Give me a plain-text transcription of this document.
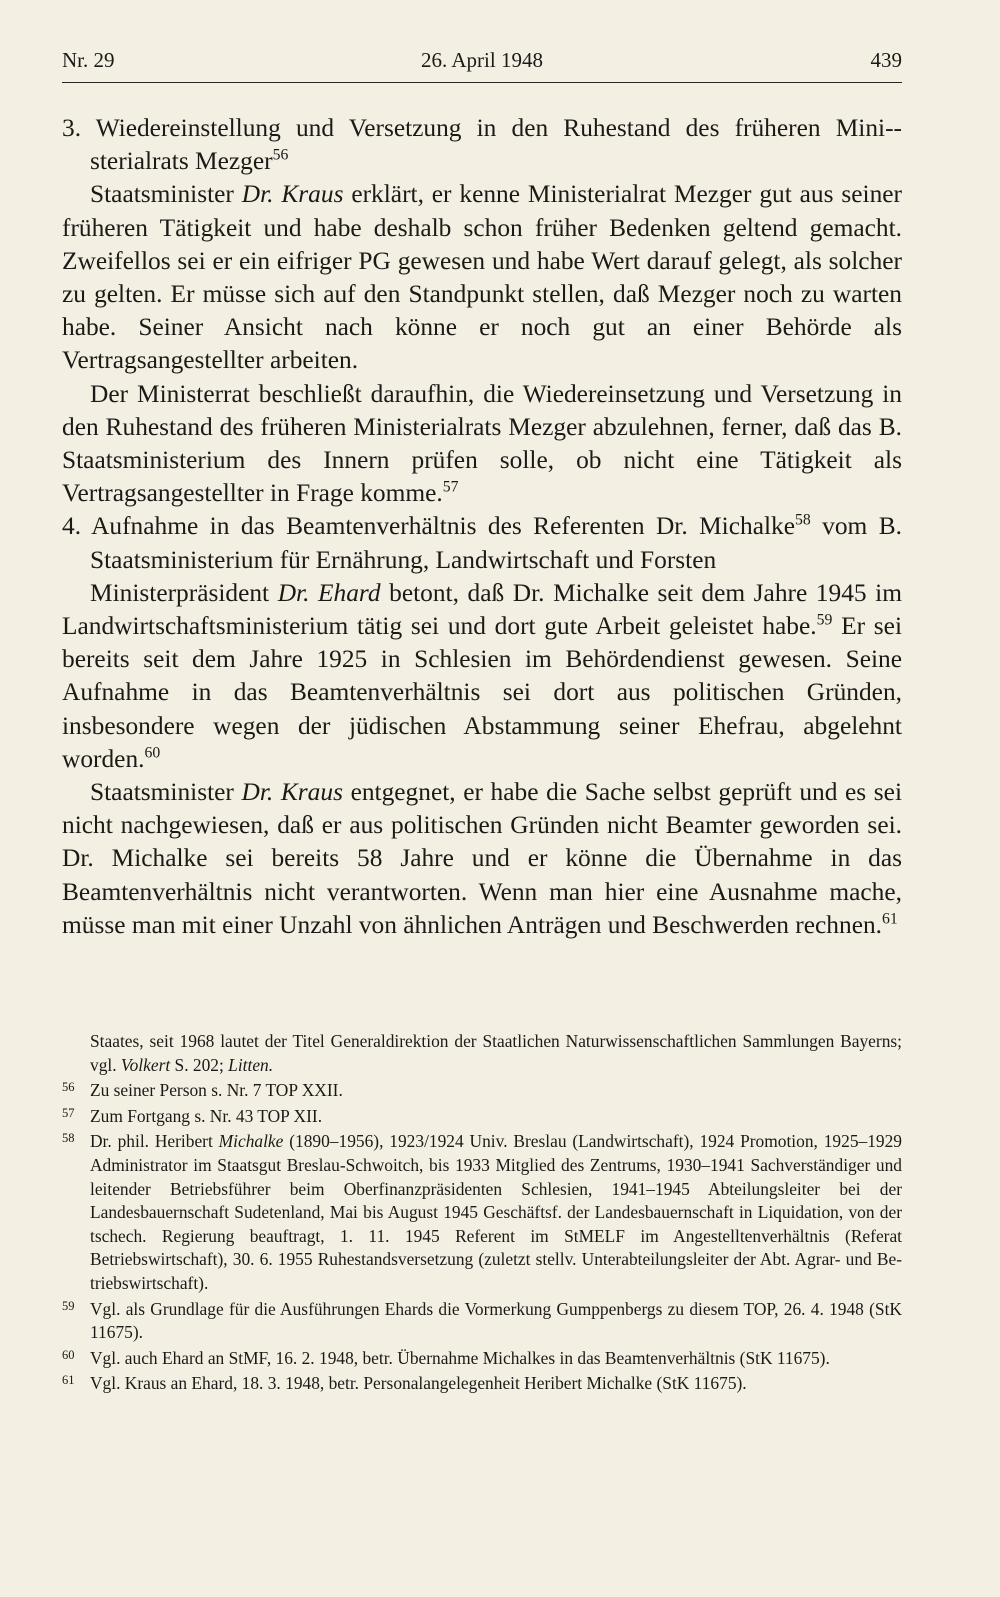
Nr. 29	26. April 1948	439

3. Wiedereinstellung und Versetzung in den Ruhestand des früheren Mini-sterialrats Mezger$^{56}$

Staatsminister Dr. Kraus erklärt, er kenne Ministerialrat Mezger gut aus seiner früheren Tätigkeit und habe deshalb schon früher Bedenken geltend gemacht. Zweifellos sei er ein eifriger PG gewesen und habe Wert darauf gelegt, als solcher zu gelten. Er müsse sich auf den Standpunkt stellen, daß Mezger noch zu warten habe. Seiner Ansicht nach könne er noch gut an einer Behörde als Vertragsangestellter arbeiten.

Der Ministerrat beschließt daraufhin, die Wiedereinsetzung und Versetzung in den Ruhestand des früheren Ministerialrats Mezger abzulehnen, ferner, daß das B. Staatsministerium des Innern prüfen solle, ob nicht eine Tätigkeit als Vertragsangestellter in Frage komme.$^{57}$

4. Aufnahme in das Beamtenverhältnis des Referenten Dr. Michalke$^{58}$ vom B. Staatsministerium für Ernährung, Landwirtschaft und Forsten

Ministerpräsident Dr. Ehard betont, daß Dr. Michalke seit dem Jahre 1945 im Landwirtschaftsministerium tätig sei und dort gute Arbeit geleistet habe.$^{59}$ Er sei bereits seit dem Jahre 1925 in Schlesien im Behördendienst gewesen. Seine Aufnahme in das Beamtenverhältnis sei dort aus politischen Gründen, insbesondere wegen der jüdischen Abstammung seiner Ehefrau, abgelehnt worden.$^{60}$

Staatsminister Dr. Kraus entgegnet, er habe die Sache selbst geprüft und es sei nicht nachgewiesen, daß er aus politischen Gründen nicht Beamter geworden sei. Dr. Michalke sei bereits 58 Jahre und er könne die Übernahme in das Beamtenverhältnis nicht verantworten. Wenn man hier eine Ausnahme mache, müsse man mit einer Unzahl von ähnlichen Anträgen und Beschwerden rechnen.$^{61}$

Staates, seit 1968 lautet der Titel Generaldirektion der Staatlichen Naturwissenschaftlichen Sammlungen Bayerns; vgl. Volkert S. 202; Litten.

56 Zu seiner Person s. Nr. 7 TOP XXII.

57 Zum Fortgang s. Nr. 43 TOP XII.

58 Dr. phil. Heribert Michalke (1890–1956), 1923/1924 Univ. Breslau (Landwirtschaft), 1924 Promotion, 1925–1929 Administrator im Staatsgut Breslau-Schwoitch, bis 1933 Mitglied des Zentrums, 1930–1941 Sachverständiger und leitender Betriebsführer beim Oberfinanzpräsidenten Schlesien, 1941–1945 Abteilungsleiter bei der Landesbauernschaft Sudetenland, Mai bis August 1945 Geschäftsf. der Landesbauernschaft in Liquidation, von der tschech. Regierung beauftragt, 1. 11. 1945 Referent im StMELF im Angestelltenverhältnis (Referat Betriebswirtschaft), 30. 6. 1955 Ruhestandsversetzung (zuletzt stellv. Unterabteilungsleiter der Abt. Agrar- und Betriebswirtschaft).

59 Vgl. als Grundlage für die Ausführungen Ehards die Vormerkung Gumppenbergs zu diesem TOP, 26. 4. 1948 (StK 11675).

60 Vgl. auch Ehard an StMF, 16. 2. 1948, betr. Übernahme Michalkes in das Beamtenverhältnis (StK 11675).

61 Vgl. Kraus an Ehard, 18. 3. 1948, betr. Personalangelegenheit Heribert Michalke (StK 11675).
